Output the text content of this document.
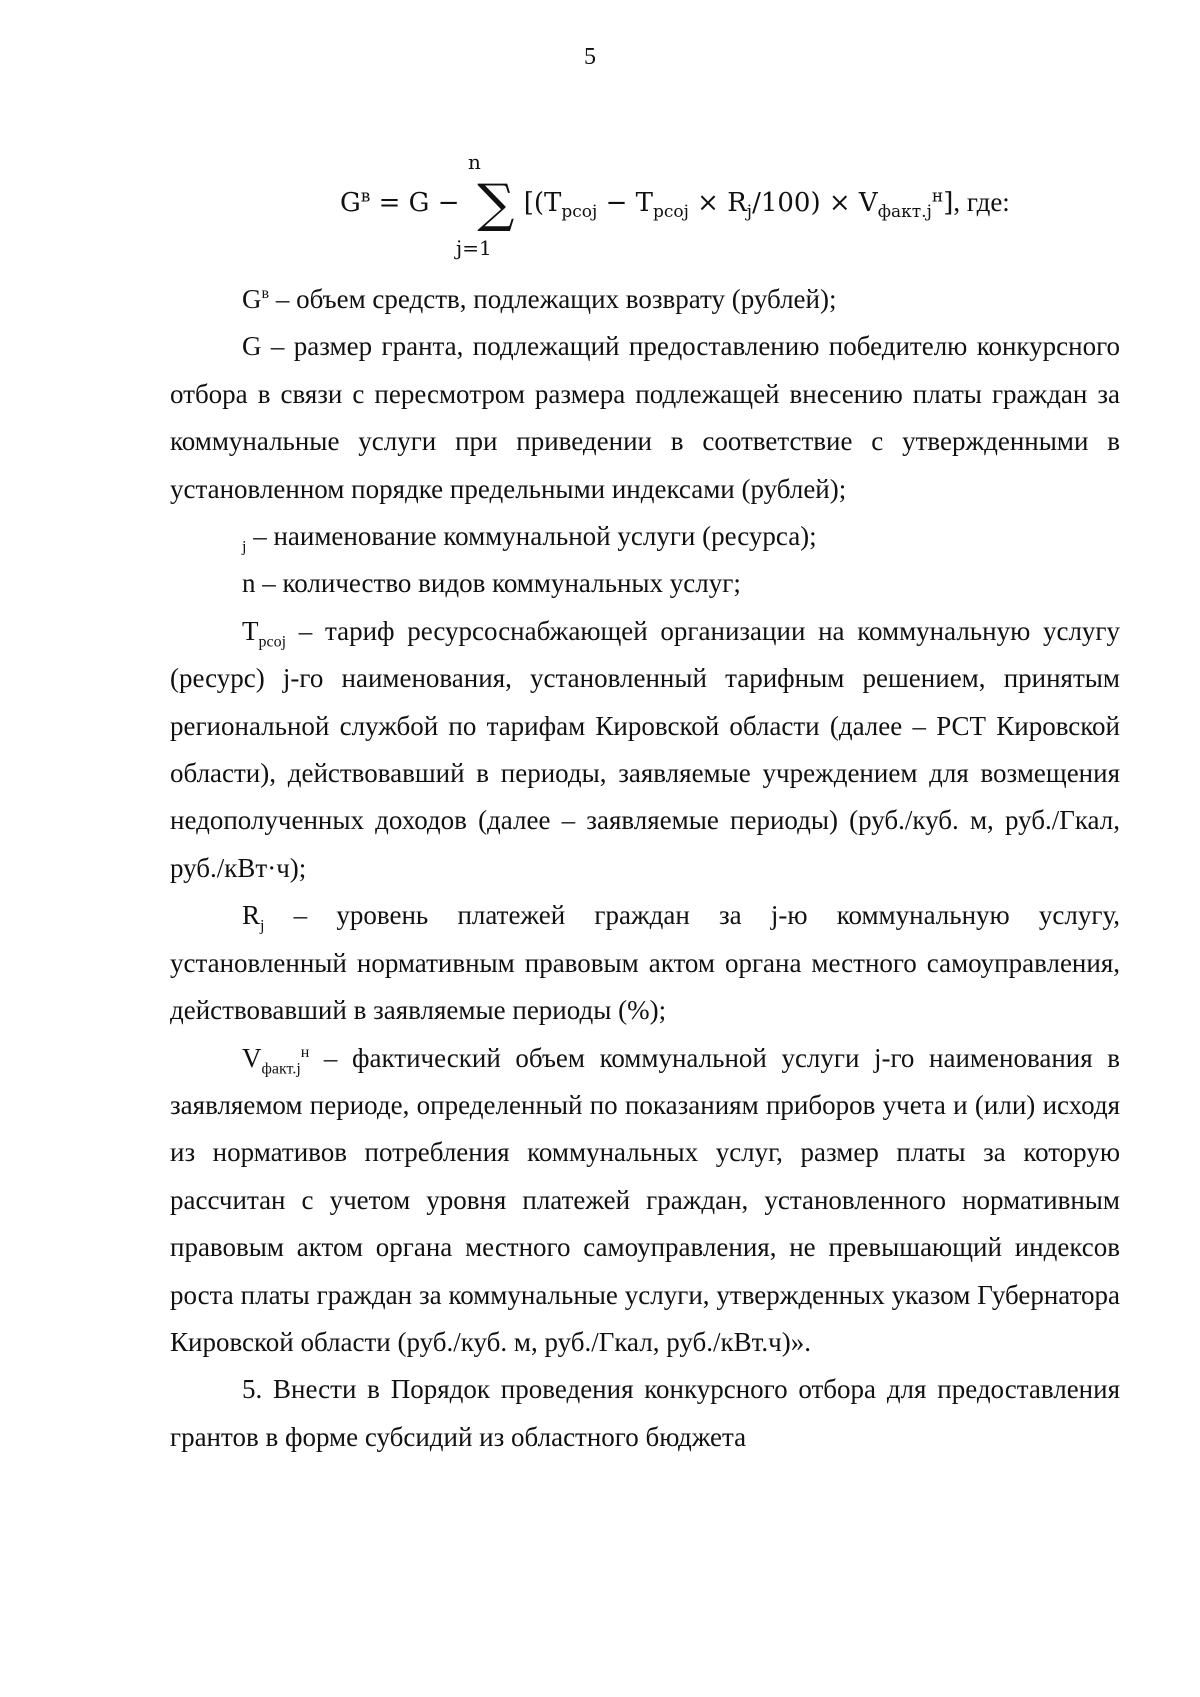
5
n
$G^в = G$ − ∑ $[(T_{рсоj} - T_{рсоj} \times R_j/100) \times V_{факт.j}^н]$, где:
j=1

$G^в$ – объем средств, подлежащих возврату (рублей);

G – размер гранта, подлежащий предоставлению победителю конкурсного отбора в связи с пересмотром размера подлежащей внесению платы граждан за коммунальные услуги при приведении в соответствие с утвержденными в установленном порядке предельными индексами (рублей);

$_j$ – наименование коммунальной услуги (ресурса);

n – количество видов коммунальных услуг;

$T_{рсоj}$ – тариф ресурсоснабжающей организации на коммунальную услугу (ресурс) j-го наименования, установленный тарифным решением, принятым региональной службой по тарифам Кировской области (далее – РСТ Кировской области), действовавший в периоды, заявляемые учреждением для возмещения недополученных доходов (далее – заявляемые периоды) (руб./куб. м, руб./Гкал, руб./кВт·ч);

$R_j$ – уровень платежей граждан за j-ю коммунальную услугу, установленный нормативным правовым актом органа местного самоуправления, действовавший в заявляемые периоды (%);

$V_{факт.j}^н$ – фактический объем коммунальной услуги j-го наименования в заявляемом периоде, определенный по показаниям приборов учета и (или) исходя из нормативов потребления коммунальных услуг, размер платы за которую рассчитан с учетом уровня платежей граждан, установленного нормативным правовым актом органа местного самоуправления, не превышающий индексов роста платы граждан за коммунальные услуги, утвержденных указом Губернатора Кировской области (руб./куб. м, руб./Гкал, руб./кВт.ч)».

5. Внести в Порядок проведения конкурсного отбора для предоставления грантов в форме субсидий из областного бюджета
